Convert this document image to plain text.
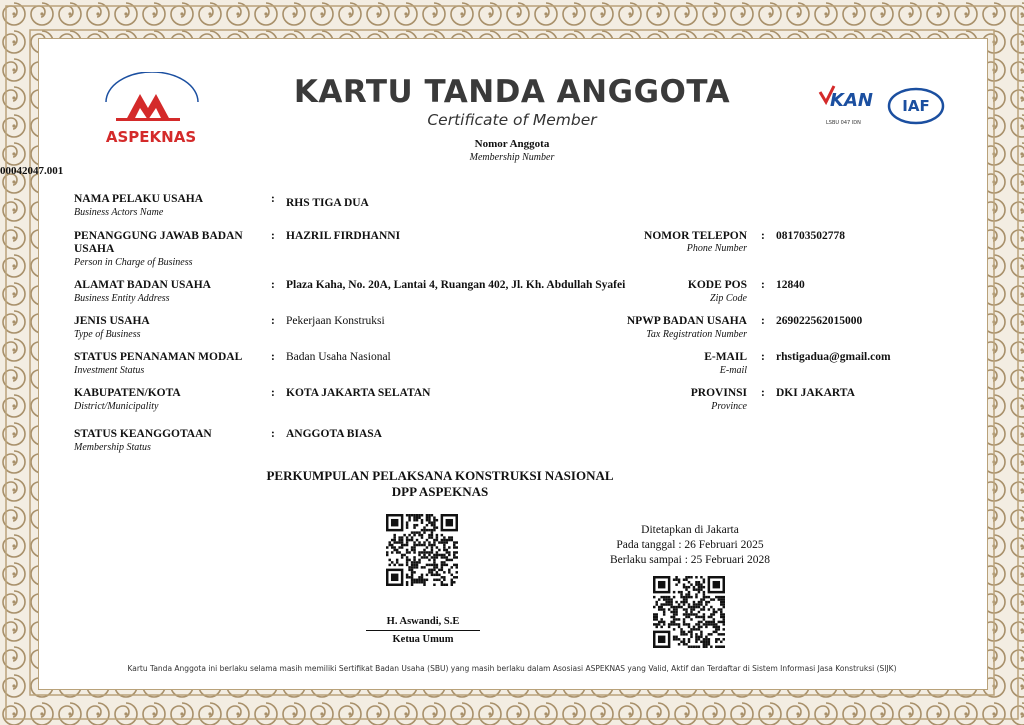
ASPEKNAS
KAN
LSBU 047 IDN
IAF
KARTU TANDA ANGGOTA
Certificate of Member
Nomor Anggota
Membership Number
00042047.001
NAMA PELAKU USAHA
Business Actors Name
: RHS TIGA DUA
PENANGGUNG JAWAB BADAN
USAHA
Person in Charge of Business
: HAZRIL FIRDHANNI
ALAMAT BADAN USAHA
Business Entity Address
: Plaza Kaha, No. 20A, Lantai 4, Ruangan 402, Jl. Kh. Abdullah Syafei
JENIS USAHA
Type of Business
: Pekerjaan Konstruksi
STATUS PENANAMAN MODAL
Investment Status
: Badan Usaha Nasional
KABUPATEN/KOTA
District/Municipality
: KOTA JAKARTA SELATAN
STATUS KEANGGOTAAN
Membership Status
: ANGGOTA BIASA
NOMOR TELEPON
Phone Number
: 081703502778
KODE POS
Zip Code
: 12840
NPWP BADAN USAHA
Tax Registration Number
: 269022562015000
E-MAIL
E-mail
: rhstigadua@gmail.com
PROVINSI
Province
: DKI JAKARTA
PERKUMPULAN PELAKSANA KONSTRUKSI NASIONAL
DPP ASPEKNAS
H. Aswandi, S.E
Ketua Umum
Ditetapkan di Jakarta
Pada tanggal : 26 Februari 2025
Berlaku sampai : 25 Februari 2028
Kartu Tanda Anggota ini berlaku selama masih memiliki Sertifikat Badan Usaha (SBU) yang masih berlaku dalam Asosiasi ASPEKNAS yang Valid, Aktif dan Terdaftar di Sistem Informasi Jasa Konstruksi (SIJK)
